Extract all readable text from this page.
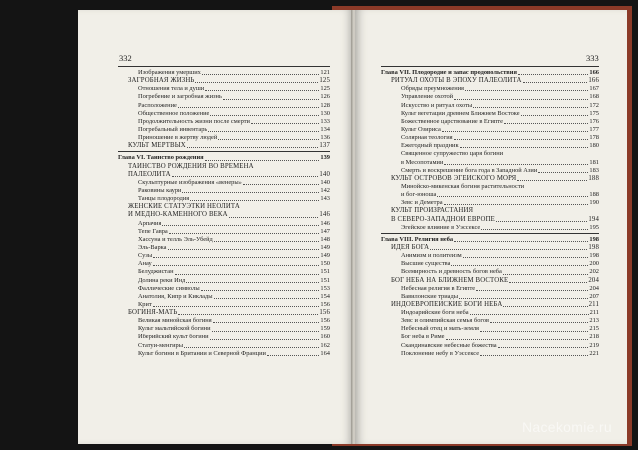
332
Изображения умерших	121
ЗАГРОБНАЯ ЖИЗНЬ	125
Отношения тела и души	125
Погребение и загробная жизнь	126
Расположение	128
Общественное положение	130
Продолжительность жизни после смерти	133
Погребальный инвентарь	134
Приношение в жертву людей	136
КУЛЬТ МЕРТВЫХ	137
Глава VI. Таинство рождения	139
ТАИНСТВО РОЖДЕНИЯ ВО ВРЕМЕНА
ПАЛЕОЛИТА	140
Скульптурные изображения «венеры»	140
Раковины каури	142
Танцы плодородия	143
ЖЕНСКИЕ СТАТУЭТКИ НЕОЛИТА
И МЕДНО-КАМЕННОГО ВЕКА	146
Арпачия	146
Тепе Гавра	147
Хассуна и телль Эль-Убейд	148
Эль-Варка	149
Сузы	149
Анау	150
Белуджистан	151
Долина реки Инд	151
Фаллические символы	153
Анатолия, Кипр и Киклады	154
Крит	156
БОГИНЯ-МАТЬ	156
Великая минойская богиня	156
Культ мальтийской богини	159
Иберийский культ богини	160
Статуи-менгиры	162
Культ богини в Британии и Северной Франции	164
333
Глава VII. Плодородие и запас продовольствия	166
РИТУАЛ ОХОТЫ В ЭПОХУ ПАЛЕОЛИТА	166
Обряды преумножения	167
Управление охотой	168
Искусство и ритуал охоты	172
Культ вегетации древнем Ближнем Востоке	175
Божественное царствование в Египте	176
Культ Озириса	177
Солярная теология	178
Ежегодный праздник	180
Священное супружество царя богини
в Месопотамии	181
Смерть и воскрешение бога года в Западной Азии	183
КУЛЬТ ОСТРОВОВ ЭГЕЙСКОГО МОРЯ	188
Минойско-микенская богиня растительности
и бог-юноша	188
Зевс и Деметра	190
КУЛЬТ ПРОИЗРАСТАНИЯ
В СЕВЕРО-ЗАПАДНОЙ ЕВРОПЕ	194
Эгейское влияние в Уэссексе	195
Глава VIII. Религия неба	198
ИДЕЯ БОГА	198
Анимизм и политеизм	198
Высшие существа	200
Всемирность и древность богов неба	202
БОГ НЕБА НА БЛИЖНЕМ ВОСТОКЕ	204
Небесная религия в Египте	204
Вавилонские триады	207
ИНДОЕВРОПЕЙСКИЕ БОГИ НЕБА	211
Индоарийские боги неба	211
Зевс и олимпийская семья богов	213
Небесный отец и мать-земля	215
Бог неба в Риме	218
Скандинавские небесные божества	219
Поклонение небу в Уэссексе	221
Nacekomie.ru
